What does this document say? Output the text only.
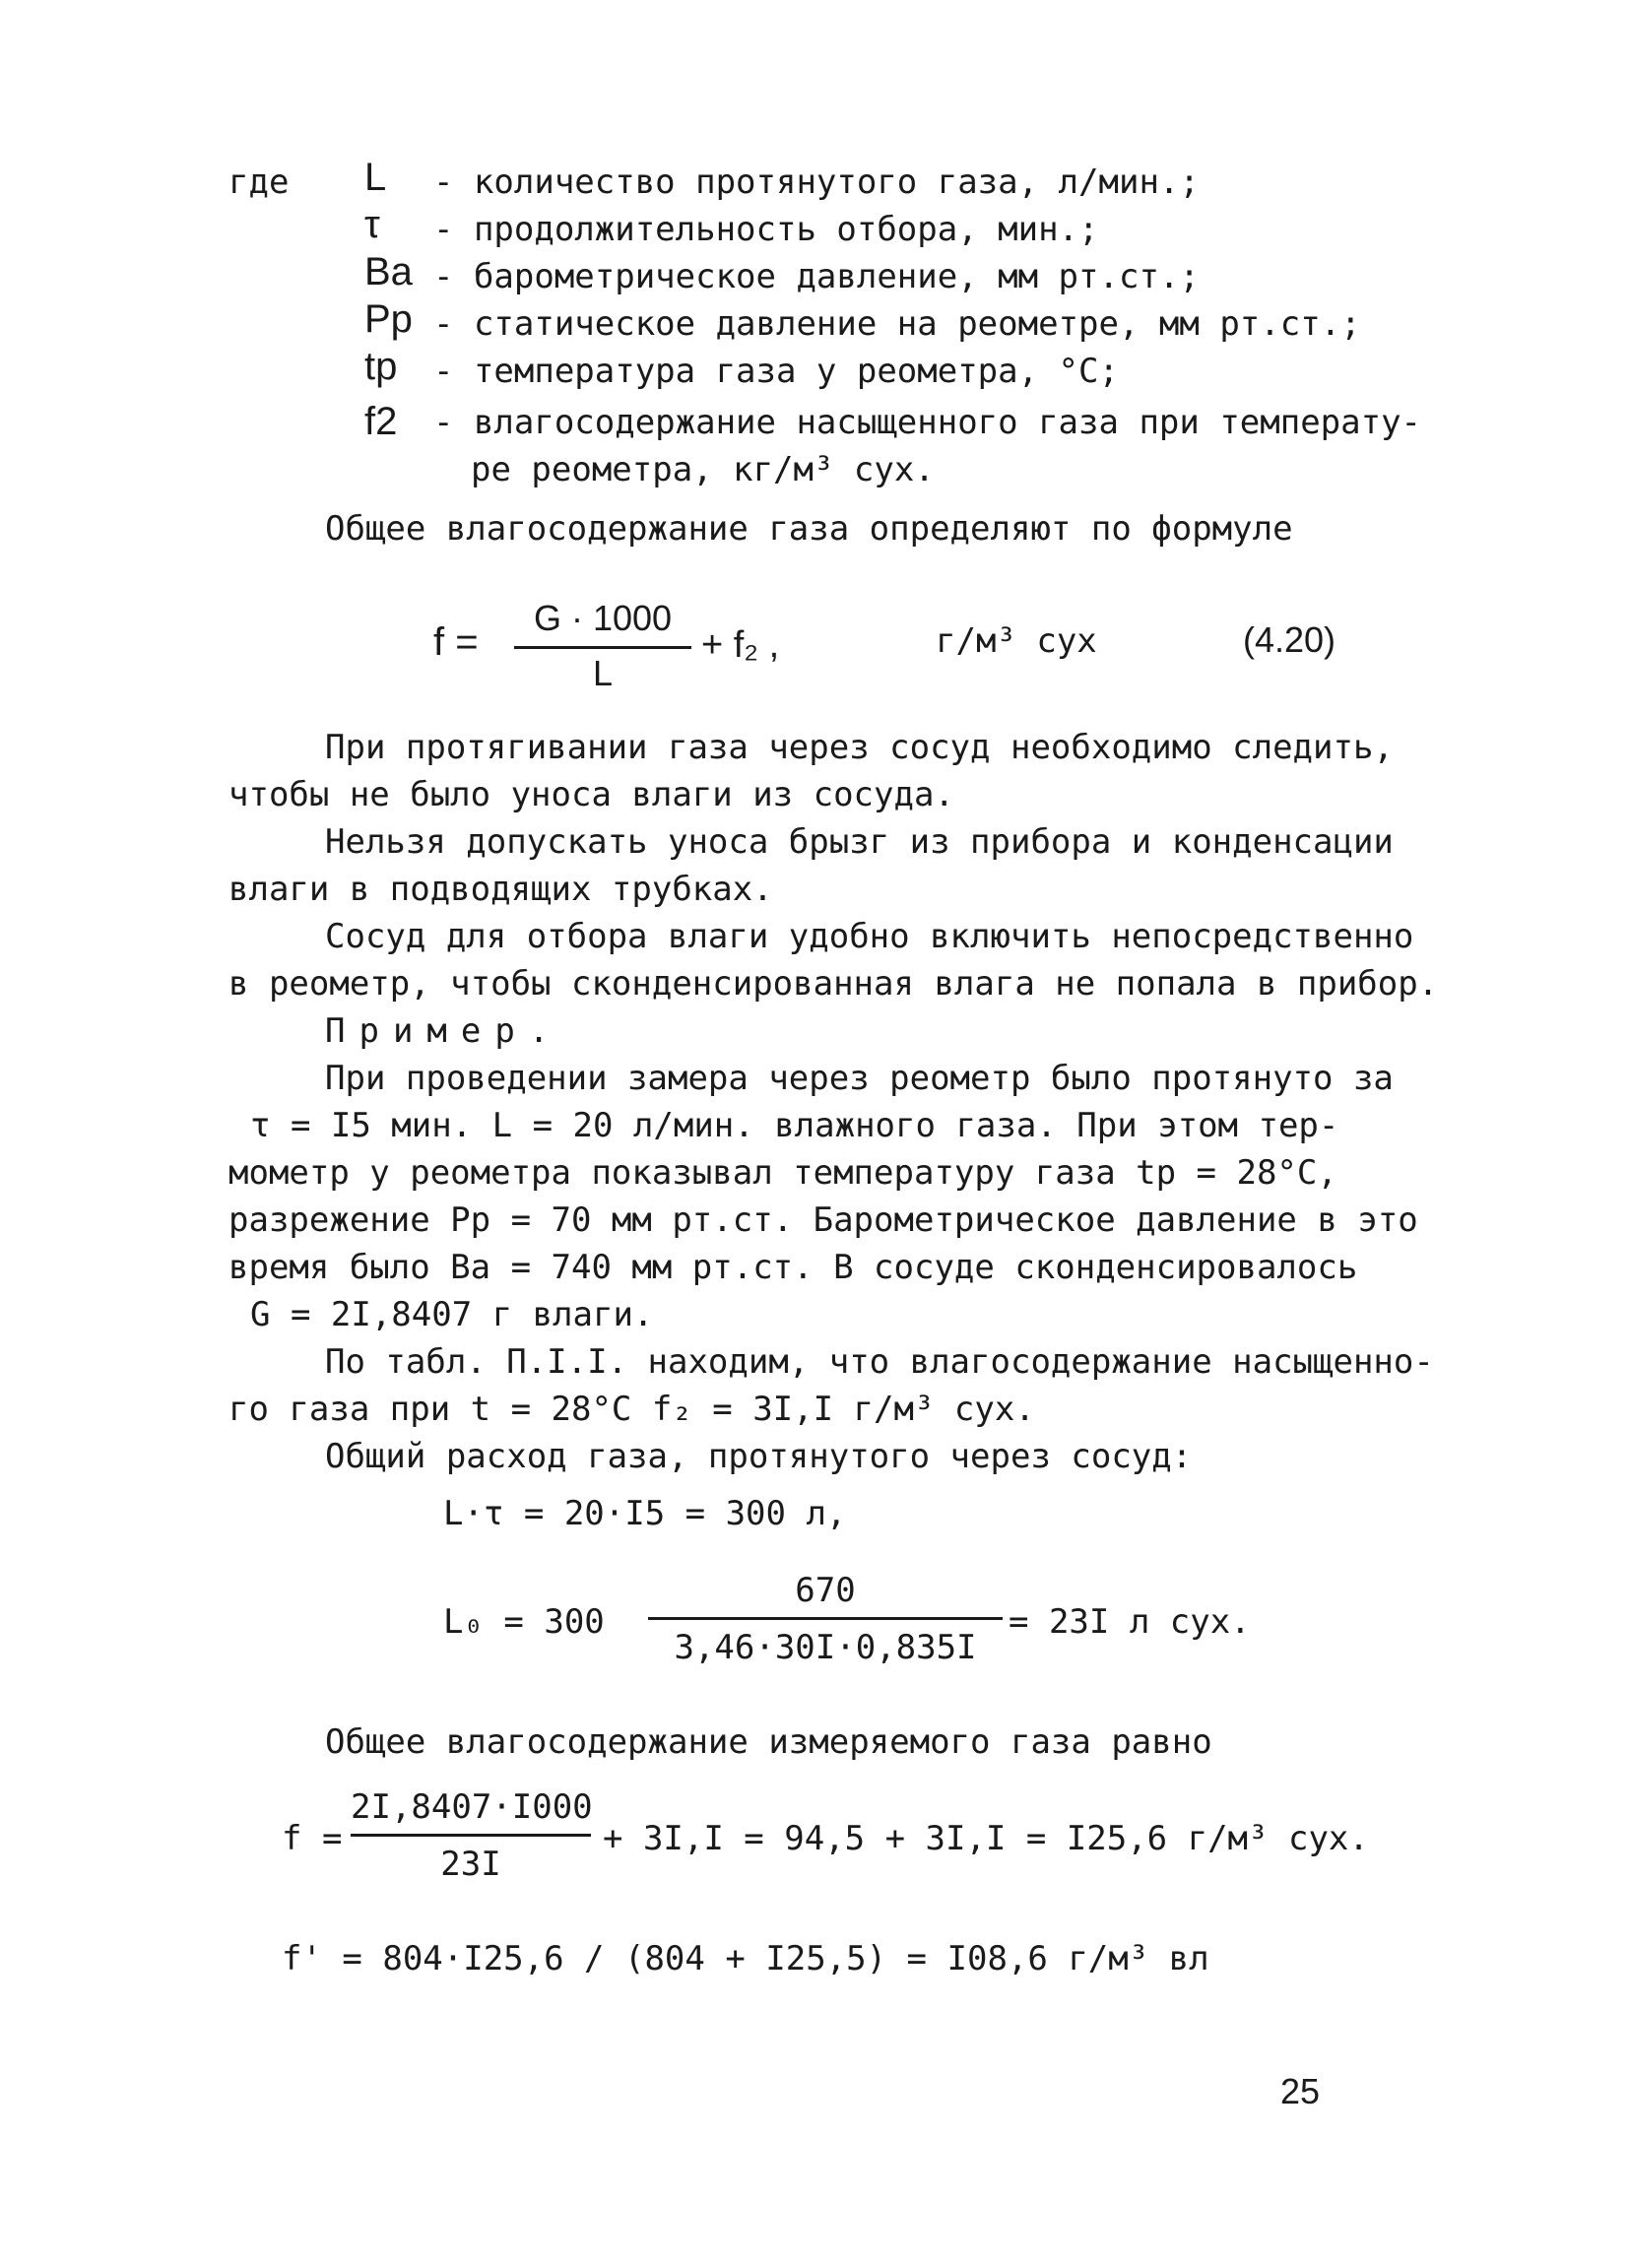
где L - количество протянутого газа, л/мин.;
τ - продолжительность отбора, мин.;
Ba - барометрическое давление, мм рт.ст.;
Pp - статическое давление на реометре, мм рт.ст.;
tp - температура газа у реометра, °C;
f2 - влагосодержание насыщенного газа при температу-
ре реометра, кг/м³ сух.
Общее влагосодержание газа определяют по формуле
f =
G · 1000
L
+ f₂ ,	г/м³ сух	(4.20)
При протягивании газа через сосуд необходимо следить,
чтобы не было уноса влаги из сосуда.
Нельзя допускать уноса брызг из прибора и конденсации
влаги в подводящих трубках.
Сосуд для отбора влаги удобно включить непосредственно
в реометр, чтобы сконденсированная влага не попала в прибор.
Пример.
При проведении замера через реометр было протянуто за
τ = I5 мин. L = 20 л/мин. влажного газа. При этом тер-
мометр у реометра показывал температуру газа tp = 28°C,
разрежение Pp = 70 мм рт.ст. Барометрическое давление в это
время было Ba = 740 мм рт.ст. В сосуде сконденсировалось
G = 2I,8407 г влаги.
По табл. П.I.I. находим, что влагосодержание насыщенно-
го газа при t = 28°C f₂ = 3I,I г/м³ сух.
Общий расход газа, протянутого через сосуд:
L·τ = 20·I5 = 300 л,
L₀ = 300
670
3,46·30I·0,835I
= 23I л сух.
Общее влагосодержание измеряемого газа равно
f =
2I,8407·I000
23I
+ 3I,I = 94,5 + 3I,I = I25,6 г/м³ сух.
f' = 804·I25,6 / (804 + I25,5) = I08,6 г/м³ вл
25
